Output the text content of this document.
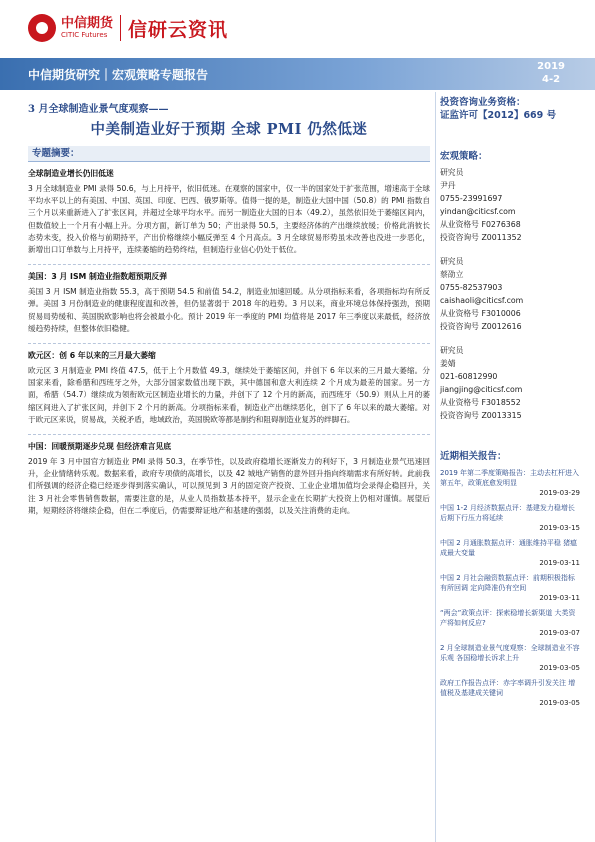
中信期货
CITIC Futures 信研云资讯
中信期货研究｜宏观策略专题报告
2019
4-2
3 月全球制造业景气度观察——
中美制造业好于预期 全球 PMI 仍然低迷
专题摘要：
全球制造业增长仍旧低迷
3 月全球制造业 PMI 录得 50.6，与上月持平，依旧低迷。在观察的国家中，仅一半的国家处于扩张范围，增速高于全球平均水平以上的有美国、中国、英国、印度、巴西、俄罗斯等。值得一提的是，制造业大国中国（50.8）的 PMI 指数自三个月以来重新进入了扩张区间，并超过全球平均水平。而另一制造业大国的日本（49.2），虽然依旧处于萎缩区间内，但数值较上一个月有小幅上升。分项方面，新订单为 50；产出录得 50.5，主要经济体的产出继续放缓；价格此消彼长态势未变，投入价格与前期持平，产出价格继续小幅反弹至 4 个月高点。3 月全球贸易形势虽未改善也没进一步恶化，新增出口订单数与上月持平，连续萎缩的趋势终结，但制造行业信心仍处于低位。
美国：3 月 ISM 制造业指数超预期反弹
美国 3 月 ISM 制造业指数 55.3，高于预期 54.5 和前值 54.2，制造业加速回暖。从分项指标来看，各项指标均有所反弹。美国 3 月份制造业的健康程度温和改善，但仍显著弱于 2018 年的趋势。3 月以来，商业环境总体保持强劲，预期贸易局势缓和、英国脱欧影响也将会被最小化。预计 2019 年一季度的 PMI 均值将是 2017 年三季度以来最低，经济放缓趋势持续，但整体依旧稳健。
欧元区：创 6 年以来的三月最大萎缩
欧元区 3 月制造业 PMI 终值 47.5，低于上个月数值 49.3，继续处于萎缩区间，并创下 6 年以来的三月最大萎缩。分国家来看，除希腊和西班牙之外，大部分国家数值出现下跌，其中德国和意大利连续 2 个月成为最差的国家。另一方面，希腊（54.7）继续成为领衔欧元区制造业增长的力量，并创下了 12 个月的新高，而西班牙（50.9）则从上月的萎缩区间进入了扩张区间，并创下 2 个月的新高。分项指标来看，制造业产出继续恶化，创下了 6 年以来的最大萎缩。对于欧元区来说，贸易战，关税矛盾，地域政治，英国脱欧等都是制约和阻碍制造业复苏的绊脚石。
中国：回暖预期逐步兑现 但经济难言见底
2019 年 3 月中国官方制造业 PMI 录得 50.3，在季节性，以及政府稳增长逐渐发力的利好下，3 月制造业景气迅速回升，企业情绪转乐观。数据来看，政府专项债的高增长，以及 42 城地产销售的意外回升指向终端需求有所好转。此前我们所强调的经济企稳已经逐步得到落实确认，可以预见到 3 月的固定资产投资、工业企业增加值均会录得企稳回升，关注 3 月社会零售销售数据，需要注意的是，从业人员指数基本持平，显示企业在长期扩大投资上仍相对谨慎。展望后期，短期经济将继续企稳，但在二季度后，仍需要辩证地产和基建的强弱，以及关注消费的走向。
投资咨询业务资格：
证监许可【2012】669 号
宏观策略：
研究员
尹丹
0755-23991697
yindan@citicsf.com
从业资格号 F0276368
投资咨询号 Z0011352
研究员
蔡劭立
0755-82537903
caishaoli@citicsf.com
从业资格号 F3010006
投资咨询号 Z0012616
研究员
姜婧
021-60812990
jiangjing@citicsf.com
从业资格号 F3018552
投资咨询号 Z0013315
近期相关报告：
2019 年第二季度策略报告：主动去杠杆进入第五年，政策底愈发明显
2019-03-29
中国 1-2 月经济数据点评：基建发力稳增长 后期下行压力将延续
2019-03-15
中国 2 月通胀数据点评：通胀维持平稳 猪瘟成最大变量
2019-03-11
中国 2 月社会融资数据点评：前期积极指标有所回调 定向降准仍有空间
2019-03-11
“两会”政策点评：探索稳增长新渠道 大类资产将如何反应?
2019-03-07
2 月全球制造业景气度观察：全球制造业不容乐观 各国稳增长诉求上升
2019-03-05
政府工作报告点评：赤字率调升引发关注 增值税及基建成关键词
2019-03-05
